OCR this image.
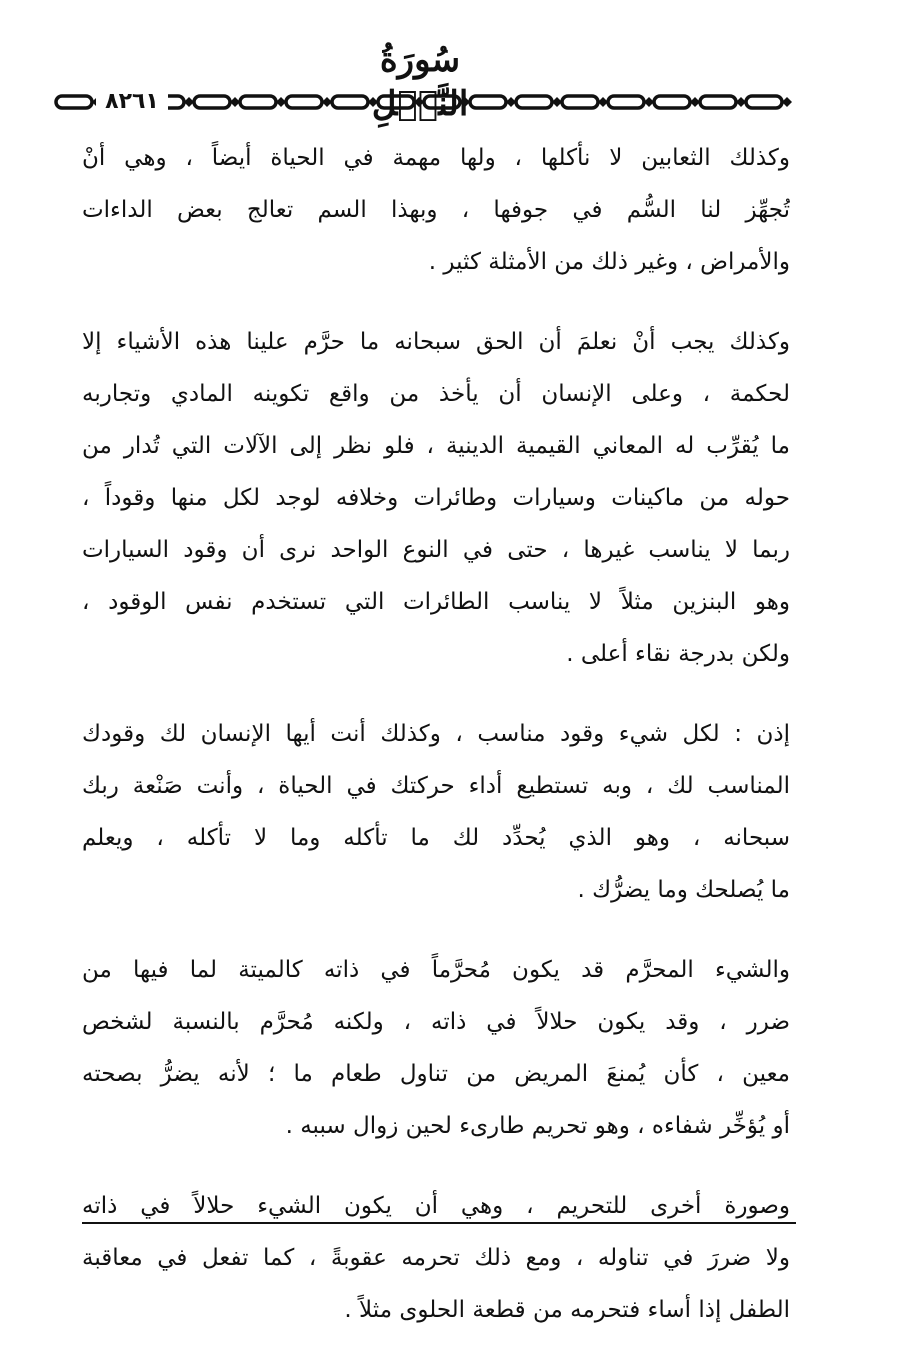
سُورَةُ
٨٢٦١

وكذلك الثعابين لا نأكلها ، ولها مهمة في الحياة أيضاً ، وهي أنْ
تُجهِّز لنا السُّم في جوفها ، وبهذا السم تعالج بعض الداءات
والأمراض ، وغير ذلك من الأمثلة كثير .

وكذلك يجب أنْ نعلمَ أن الحق سبحانه ما حرَّم علينا هذه الأشياء إلا
لحكمة ، وعلى الإنسان أن يأخذ من واقع تكوينه المادي وتجاربه
ما يُقرِّب له المعاني القيمية الدينية ، فلو نظر إلى الآلات التي تُدار من
حوله من ماكينات وسيارات وطائرات وخلافه لوجد لكل منها وقوداً ،
ربما لا يناسب غيرها ، حتى في النوع الواحد نرى أن وقود السيارات
وهو البنزين مثلاً لا يناسب الطائرات التي تستخدم نفس الوقود ،
ولكن بدرجة نقاء أعلى .

إذن : لكل شيء وقود مناسب ، وكذلك أنت أيها الإنسان لك وقودك
المناسب لك ، وبه تستطيع أداء حركتك في الحياة ، وأنت صَنْعة ربك
سبحانه ، وهو الذي يُحدِّد لك ما تأكله وما لا تأكله ، ويعلم
ما يُصلحك وما يضرُّك .

والشيء المحرَّم قد يكون مُحرَّماً في ذاته كالميتة لما فيها من
ضرر ، وقد يكون حلالاً في ذاته ، ولكنه مُحرَّم بالنسبة لشخص
معين ، كأن يُمنعَ المريض من تناول طعام ما ؛ لأنه يضرُّ بصحته
أو يُؤخِّر شفاءه ، وهو تحريم طارىء لحين زوال سببه .

وصورة أخرى للتحريم ، وهي أن يكون الشيء حلالاً في ذاته
ولا ضررَ في تناوله ، ومع ذلك تحرمه عقوبةً ، كما تفعل في معاقبة
الطفل إذا أساء فتحرمه من قطعة الحلوى مثلاً .
